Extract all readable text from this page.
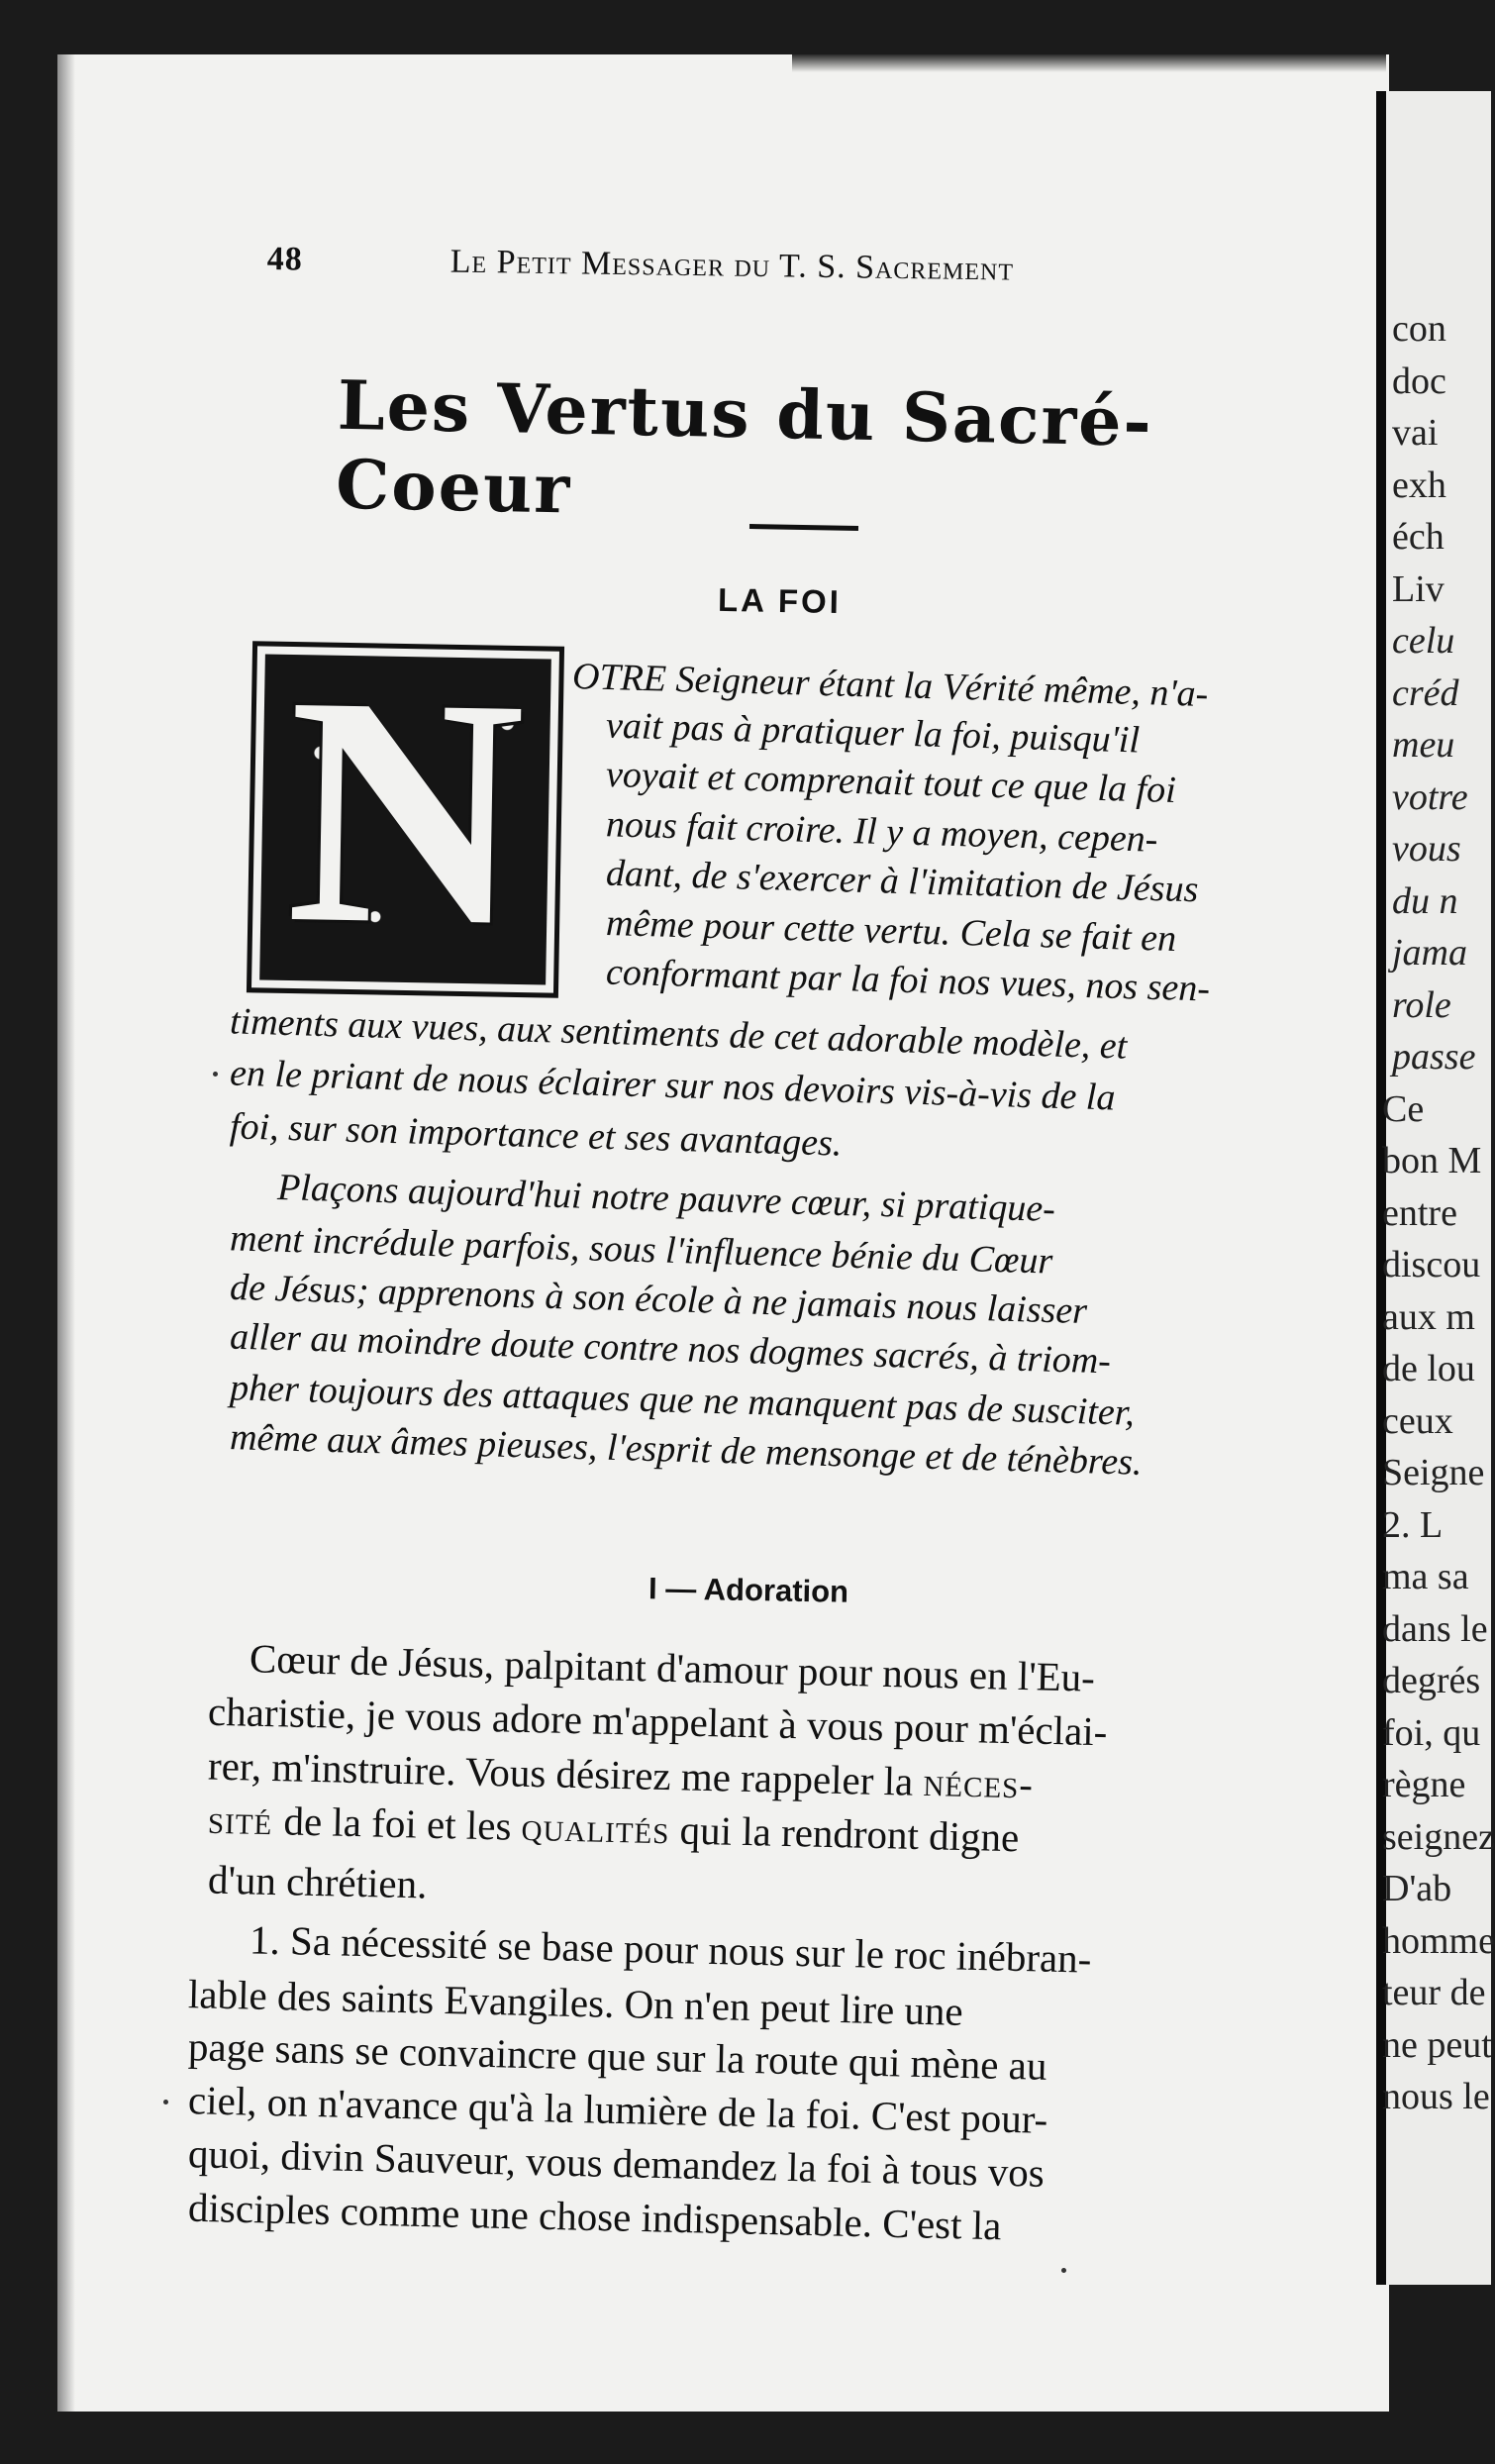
con
doc
vai
exh
éch
Liv
celu
créd
meu
votre
vous
du n
jama
role
passe
Ce
bon M
entre
discou
aux m
de lou
ceux
Seigne
2. L
ma sa
dans le
degrés
foi, qu
règne
seignez
D'ab
homme
teur de
ne peut
nous le
48	Le Petit Messager du T. S. Sacrement
Les Vertus du Sacré-Coeur
LA FOI
N	OTRE Seigneur étant la Vérité même, n'a-
vait pas à pratiquer la foi, puisqu'il
voyait et comprenait tout ce que la foi
nous fait croire. Il y a moyen, cepen-
dant, de s'exercer à l'imitation de Jésus
même pour cette vertu. Cela se fait en
conformant par la foi nos vues, nos sen-
timents aux vues, aux sentiments de cet adorable modèle, et
en le priant de nous éclairer sur nos devoirs vis-à-vis de la
foi, sur son importance et ses avantages.
Plaçons aujourd'hui notre pauvre cœur, si pratique-
ment incrédule parfois, sous l'influence bénie du Cœur
de Jésus; apprenons à son école à ne jamais nous laisser
aller au moindre doute contre nos dogmes sacrés, à triom-
pher toujours des attaques que ne manquent pas de susciter,
même aux âmes pieuses, l'esprit de mensonge et de ténèbres.
I — Adoration
Cœur de Jésus, palpitant d'amour pour nous en l'Eu-
charistie, je vous adore m'appelant à vous pour m'éclai-
rer, m'instruire. Vous désirez me rappeler la néces-
sité de la foi et les qualités qui la rendront digne
d'un chrétien.
1. Sa nécessité se base pour nous sur le roc inébran-
lable des saints Evangiles. On n'en peut lire une
page sans se convaincre que sur la route qui mène au
ciel, on n'avance qu'à la lumière de la foi. C'est pour-
quoi, divin Sauveur, vous demandez la foi à tous vos
disciples comme une chose indispensable. C'est la
